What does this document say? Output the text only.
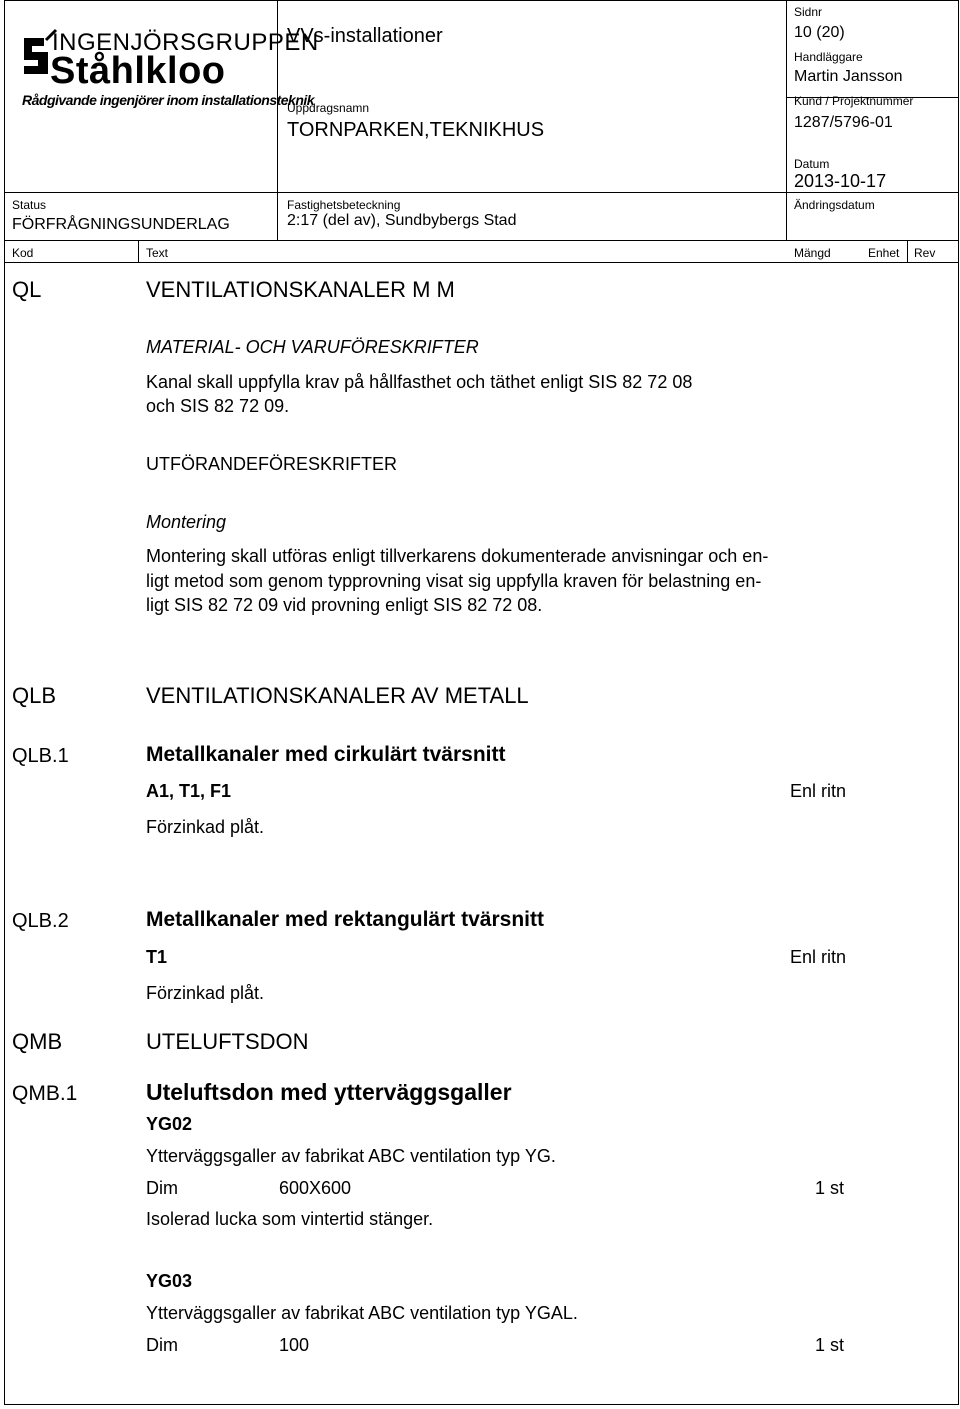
INGENJÖRSGRUPPEN
Ståhlkloo
Rådgivande ingenjörer inom installationsteknik
VVs-installationer
Uppdragsnamn
TORNPARKEN,TEKNIKHUS
Sidnr
10 (20)
Handläggare
Martin Jansson
Kund / Projektnummer
1287/5796-01
Datum
2013-10-17
Ändringsdatum
Status
FÖRFRÅGNINGSUNDERLAG
Fastighetsbeteckning
2:17 (del av), Sundbybergs Stad
Kod	Text	Mängd	Enhet Rev
QL	VENTILATIONSKANALER M M
MATERIAL- OCH VARUFÖRESKRIFTER
Kanal skall uppfylla krav på hållfasthet och täthet enligt SIS 82 72 08
och SIS 82 72 09.
UTFÖRANDEFÖRESKRIFTER
Montering
Montering skall utföras enligt tillverkarens dokumenterade anvisningar och en-
ligt metod som genom typprovning visat sig uppfylla kraven för belastning en-
ligt SIS 82 72 09 vid provning enligt SIS 82 72 08.
QLB	VENTILATIONSKANALER AV METALL
QLB.1	Metallkanaler med cirkulärt tvärsnitt
A1, T1, F1	Enl ritn
Förzinkad plåt.
QLB.2	Metallkanaler med rektangulärt tvärsnitt
T1	Enl ritn
Förzinkad plåt.
QMB	UTELUFTSDON
QMB.1	Uteluftsdon med ytterväggsgaller
YG02
Ytterväggsgaller av fabrikat ABC ventilation typ YG.
Dim	600X600	1 st
Isolerad lucka som vintertid stänger.
YG03
Ytterväggsgaller av fabrikat ABC ventilation typ YGAL.
Dim	100	1 st
